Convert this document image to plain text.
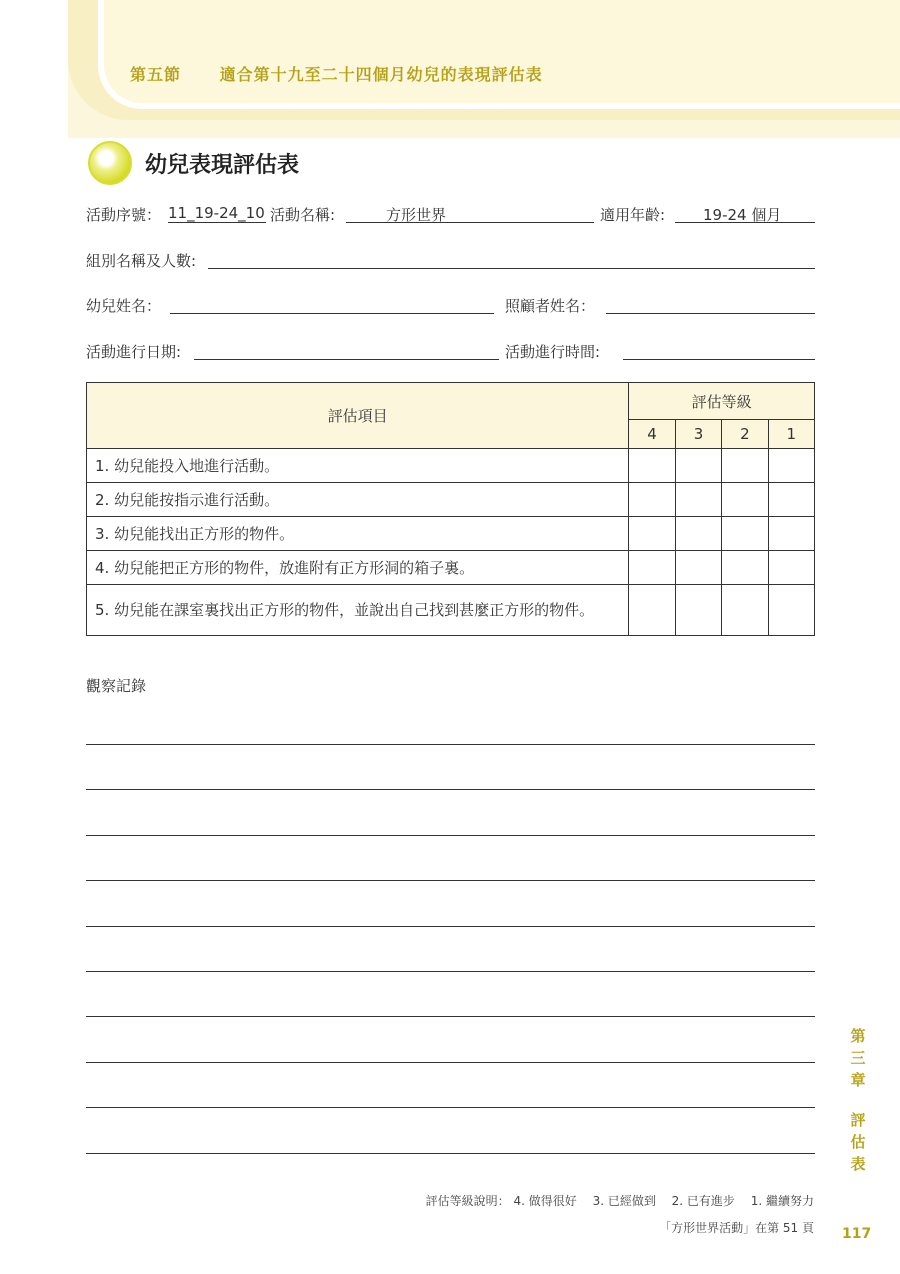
第五節 適合第十九至二十四個月幼兒的表現評估表
幼兒表現評估表
活動序號： 11_19-24_10 活動名稱:	方形世界	適用年齡:	19-24 個月
組別名稱及人數:
幼兒姓名：	照顧者姓名：
活動進行日期:	活動進行時間:
評估項目	評估等級			
	4	3	2	1
1. 幼兒能投入地進行活動。				
2. 幼兒能按指示進行活動。				
3. 幼兒能找出正方形的物件。				
4. 幼兒能把正方形的物件，放進附有正方形洞的箱子裏。				
5. 幼兒能在課室裏找出正方形的物件，並說出自己找到甚麼正方形的物件。				
觀察記錄
第
三
章
評
估
表
評估等級說明： 4. 做得很好　 3. 已經做到　 2. 已有進步　 1. 繼續努力
「方形世界活動」在第 51 頁 117
